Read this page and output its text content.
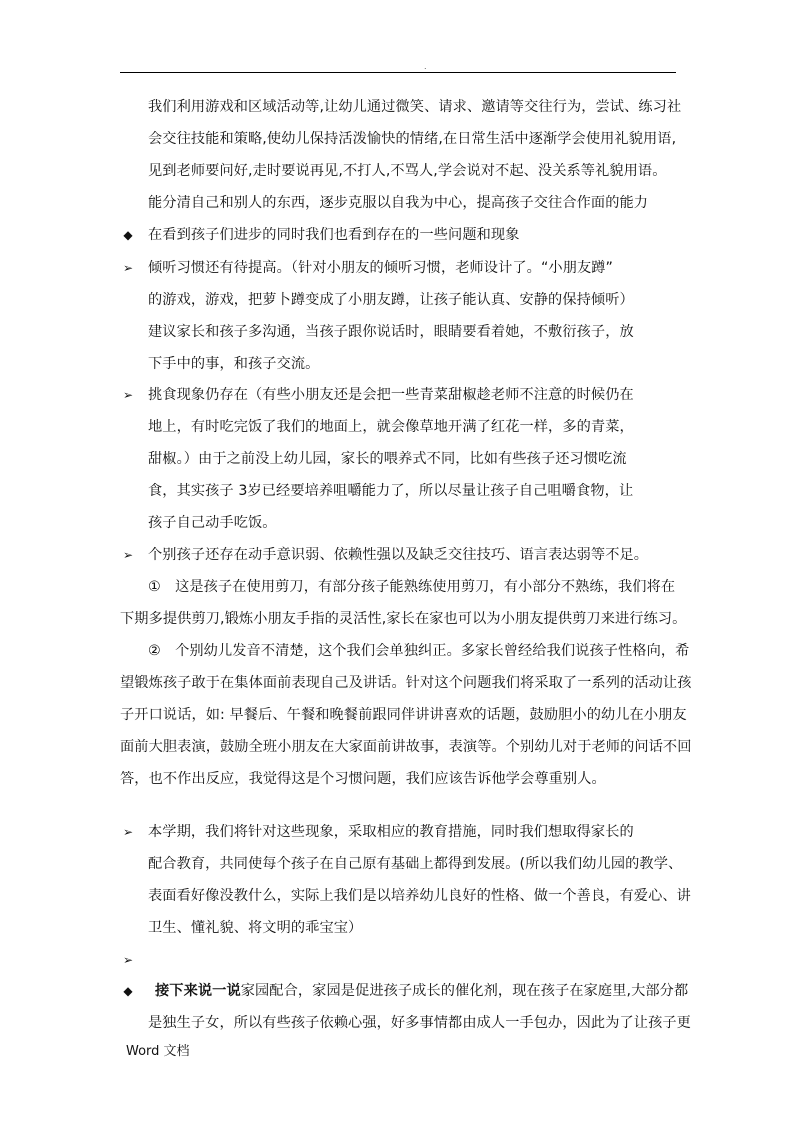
.
我们利用游戏和区域活动等,让幼儿通过微笑、请求、邀请等交往行为，尝试、练习社
会交往技能和策略,使幼儿保持活泼愉快的情绪,在日常生活中逐渐学会使用礼貌用语,
见到老师要问好,走时要说再见,不打人,不骂人,学会说对不起、没关系等礼貌用语。
能分清自己和别人的东西，逐步克服以自我为中心，提高孩子交往合作面的能力
◆ 在看到孩子们进步的同时我们也看到存在的一些问题和现象
➢ 倾听习惯还有待提高。（针对小朋友的倾听习惯，老师设计了。“小朋友蹲”
的游戏，游戏，把萝卜蹲变成了小朋友蹲，让孩子能认真、安静的保持倾听）
建议家长和孩子多沟通，当孩子跟你说话时，眼睛要看着她，不敷衍孩子，放
下手中的事，和孩子交流。
➢ 挑食现象仍存在（有些小朋友还是会把一些青菜甜椒趁老师不注意的时候仍在
地上，有时吃完饭了我们的地面上，就会像草地开满了红花一样，多的青菜，
甜椒。）由于之前没上幼儿园，家长的喂养式不同，比如有些孩子还习惯吃流
食，其实孩子 3岁已经要培养咀嚼能力了，所以尽量让孩子自己咀嚼食物，让
孩子自己动手吃饭。
➢ 个别孩子还存在动手意识弱、依赖性强以及缺乏交往技巧、语言表达弱等不足。
①　这是孩子在使用剪刀，有部分孩子能熟练使用剪刀，有小部分不熟练，我们将在
下期多提供剪刀,锻炼小朋友手指的灵活性,家长在家也可以为小朋友提供剪刀来进行练习。
②　个别幼儿发音不清楚，这个我们会单独纠正。多家长曾经给我们说孩子性格向，希
望锻炼孩子敢于在集体面前表现自己及讲话。针对这个问题我们将采取了一系列的活动让孩
子开口说话，如: 早餐后、午餐和晚餐前跟同伴讲讲喜欢的话题，鼓励胆小的幼儿在小朋友
面前大胆表演，鼓励全班小朋友在大家面前讲故事，表演等。个别幼儿对于老师的问话不回
答，也不作出反应，我觉得这是个习惯问题，我们应该告诉他学会尊重别人。
➢ 本学期，我们将针对这些现象，采取相应的教育措施，同时我们想取得家长的
配合教育，共同使每个孩子在自己原有基础上都得到发展。(所以我们幼儿园的教学、
表面看好像没教什么，实际上我们是以培养幼儿良好的性格、做一个善良，有爱心、讲
卫生、懂礼貌、将文明的乖宝宝）
➢
◆ 接下来说一说家园配合，家园是促进孩子成长的催化剂，现在孩子在家庭里,大部分都
是独生子女，所以有些孩子依赖心强，好多事情都由成人一手包办，因此为了让孩子更
Word 文档
